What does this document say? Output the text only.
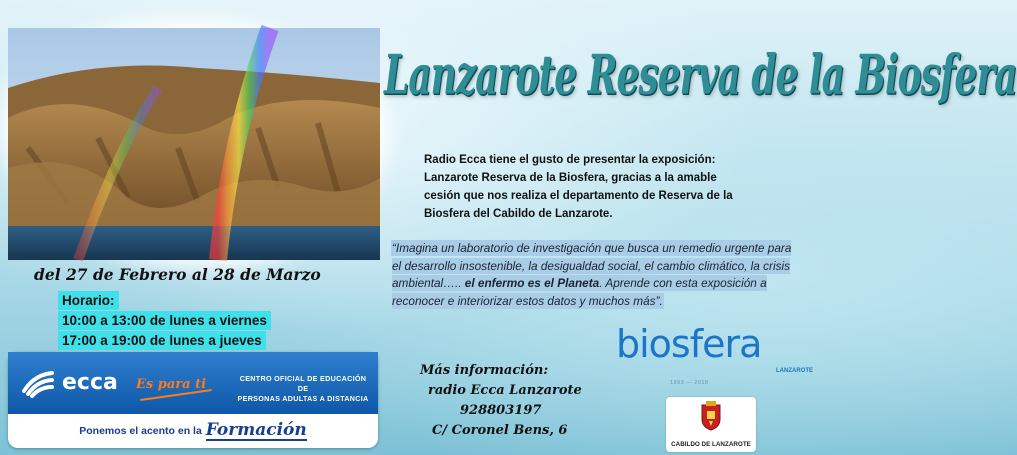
Lanzarote Reserva de la Biosfera
Radio Ecca tiene el gusto de presentar la exposición: Lanzarote Reserva de la Biosfera, gracias a la amable cesión que nos realiza el departamento de Reserva de la Biosfera del Cabildo de Lanzarote.
“Imagina un laboratorio de investigación que busca un remedio urgente para el desarrollo insostenible, la desigualdad social, el cambio climático, la crisis ambiental….. el enfermo es el Planeta. Aprende con esta exposición a reconocer e interiorizar estos datos y muchos más”.
del 27 de Febrero al 28 de Marzo
Horario:
10:00 a 13:00 de lunes a viernes
17:00 a 19:00 de lunes a jueves
ecca Es para ti	CENTRO OFICIAL DE EDUCACIÓN DE
PERSONAS ADULTAS A DISTANCIA
Ponemos el acento en la Formación
Más información:
radio Ecca Lanzarote
928803197
C/ Coronel Bens, 6
biosfera
LANZAROTE
1993 — 2018
CABILDO DE LANZAROTE
